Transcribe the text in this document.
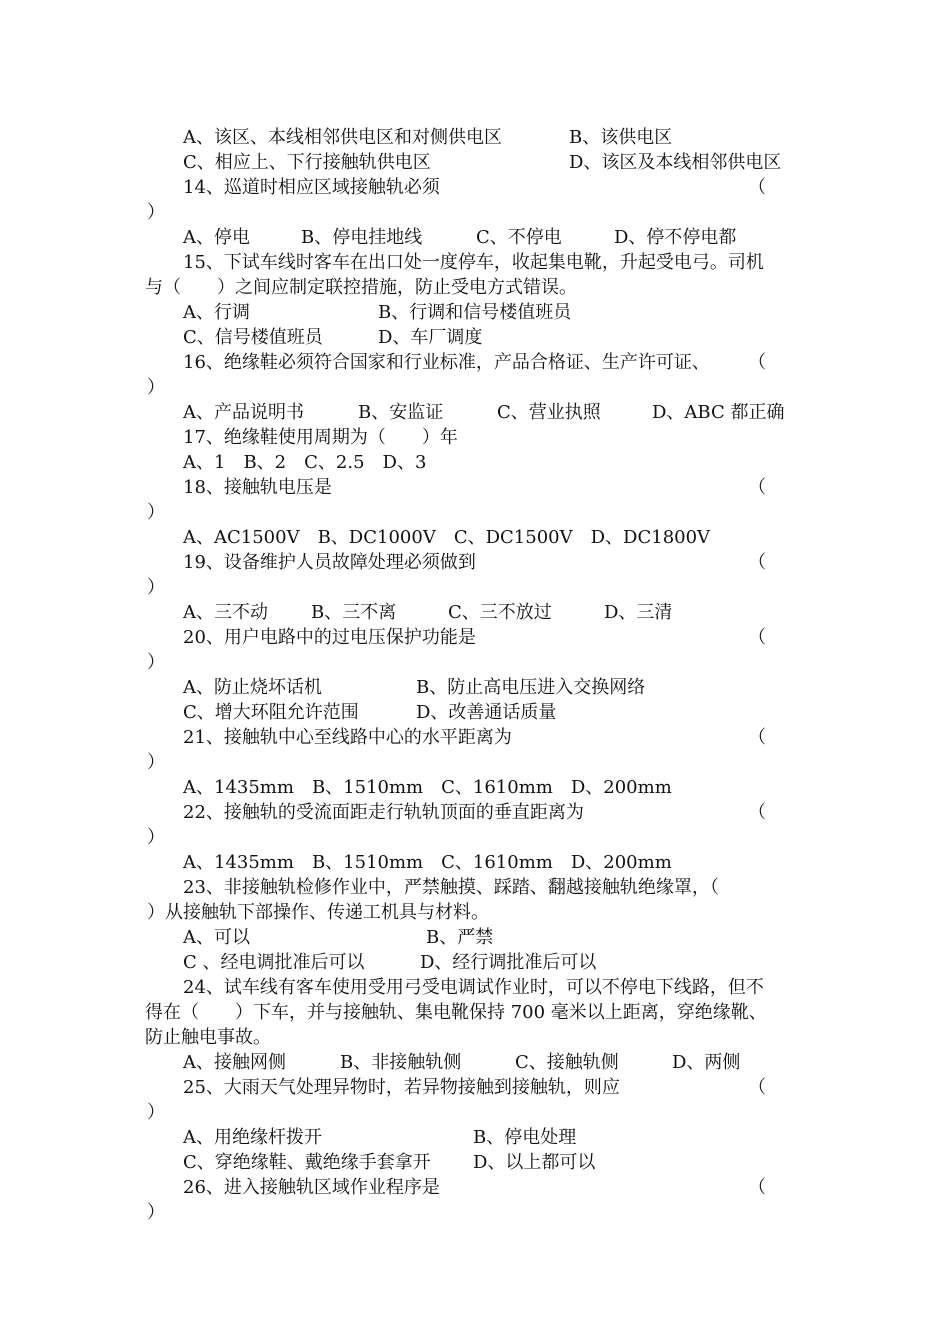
A、该区、本线相邻供电区和对侧供电区	B、该供电区
C、相应上、下行接触轨供电区	D、该区及本线相邻供电区
14、巡道时相应区域接触轨必须	（
）
A、停电	B、停电挂地线	C、不停电	D、停不停电都
15、下试车线时客车在出口处一度停车，收起集电靴，升起受电弓。司机
与（　　）之间应制定联控措施，防止受电方式错误。
A、行调	B、行调和信号楼值班员
C、信号楼值班员	D、车厂调度
16、绝缘鞋必须符合国家和行业标准，产品合格证、生产许可证、 （
）
A、产品说明书	B、安监证	C、营业执照	D、ABC 都正确
17、绝缘鞋使用周期为（　　）年
A、1　B、2　C、2.5　D、3
18、接触轨电压是	（
）
A、AC1500V　B、DC1000V　C、DC1500V　D、DC1800V
19、设备维护人员故障处理必须做到	（
）
A、三不动 B、三不离	C、三不放过	D、三清
20、用户电路中的过电压保护功能是	（
）
A、防止烧坏话机	B、防止高电压进入交换网络
C、增大环阻允许范围	D、改善通话质量
21、接触轨中心至线路中心的水平距离为	（
）
A、1435mm　B、1510mm　C、1610mm　D、200mm
22、接触轨的受流面距走行轨轨顶面的垂直距离为	（
）
A、1435mm　B、1510mm　C、1610mm　D、200mm
23、非接触轨检修作业中，严禁触摸、踩踏、翻越接触轨绝缘罩，（
）从接触轨下部操作、传递工机具与材料。
A、可以	B、严禁
C 、经电调批准后可以	D、经行调批准后可以
24、试车线有客车使用受用弓受电调试作业时，可以不停电下线路，但不
得在（　　）下车，并与接触轨、集电靴保持 700 毫米以上距离，穿绝缘靴、
防止触电事故。
A、接触网侧	B、非接触轨侧	C、接触轨侧	D、两侧
25、大雨天气处理异物时，若异物接触到接触轨，则应	（
）
A、用绝缘杆拨开	B、停电处理
C、穿绝缘鞋、戴绝缘手套拿开 D、以上都可以
26、进入接触轨区域作业程序是	（
）
